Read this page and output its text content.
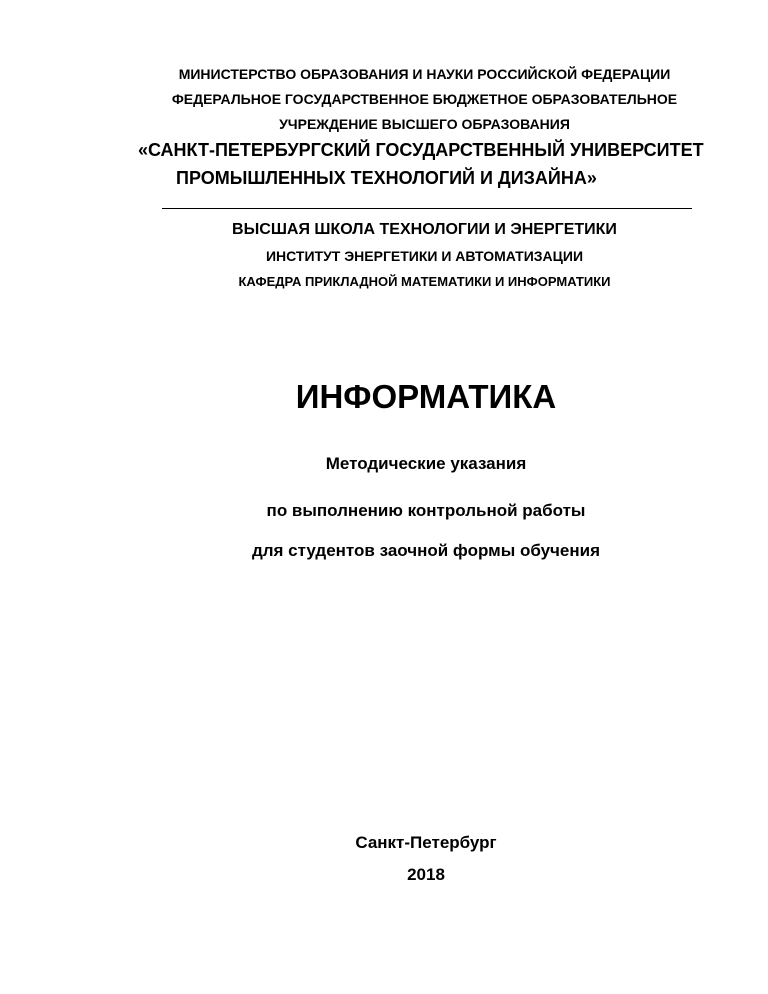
МИНИСТЕРСТВО ОБРАЗОВАНИЯ И НАУКИ РОССИЙСКОЙ ФЕДЕРАЦИИ
ФЕДЕРАЛЬНОЕ ГОСУДАРСТВЕННОЕ БЮДЖЕТНОЕ ОБРАЗОВАТЕЛЬНОЕ
УЧРЕЖДЕНИЕ ВЫСШЕГО ОБРАЗОВАНИЯ
«САНКТ-ПЕТЕРБУРГСКИЙ ГОСУДАРСТВЕННЫЙ УНИВЕРСИТЕТ
ПРОМЫШЛЕННЫХ ТЕХНОЛОГИЙ И ДИЗАЙНА»
ВЫСШАЯ ШКОЛА ТЕХНОЛОГИИ И ЭНЕРГЕТИКИ
ИНСТИТУТ ЭНЕРГЕТИКИ И АВТОМАТИЗАЦИИ
КАФЕДРА ПРИКЛАДНОЙ МАТЕМАТИКИ И ИНФОРМАТИКИ
ИНФОРМАТИКА
Методические указания
по выполнению контрольной работы
для студентов заочной формы обучения
Санкт-Петербург
2018
